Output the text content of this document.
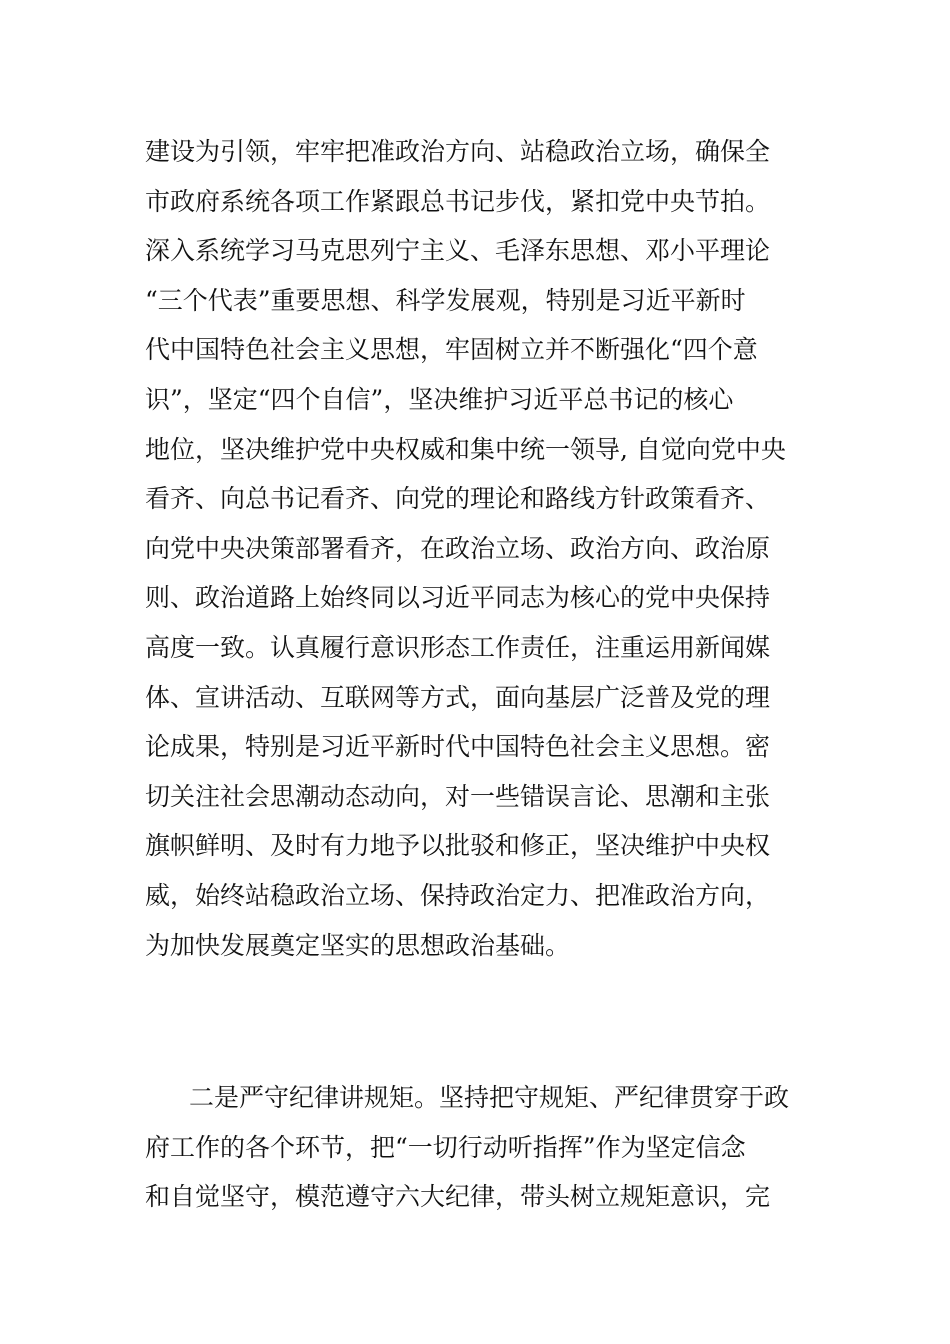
建设为引领，牢牢把准政治方向、站稳政治立场，确保全
市政府系统各项工作紧跟总书记步伐，紧扣党中央节拍。
深入系统学习马克思列宁主义、毛泽东思想、邓小平理论
“三个代表”重要思想、科学发展观，特别是习近平新时
代中国特色社会主义思想，牢固树立并不断强化“四个意
识”，坚定“四个自信”，坚决维护习近平总书记的核心
地位，坚决维护党中央权威和集中统一领导, 自觉向党中央
看齐、向总书记看齐、向党的理论和路线方针政策看齐、
向党中央决策部署看齐，在政治立场、政治方向、政治原
则、政治道路上始终同以习近平同志为核心的党中央保持
高度一致。认真履行意识形态工作责任，注重运用新闻媒
体、宣讲活动、互联网等方式，面向基层广泛普及党的理
论成果，特别是习近平新时代中国特色社会主义思想。密
切关注社会思潮动态动向，对一些错误言论、思潮和主张
旗帜鲜明、及时有力地予以批驳和修正，坚决维护中央权
威，始终站稳政治立场、保持政治定力、把准政治方向，
为加快发展奠定坚实的思想政治基础。
二是严守纪律讲规矩。坚持把守规矩、严纪律贯穿于政
府工作的各个环节，把“一切行动听指挥”作为坚定信念
和自觉坚守，模范遵守六大纪律，带头树立规矩意识，完
